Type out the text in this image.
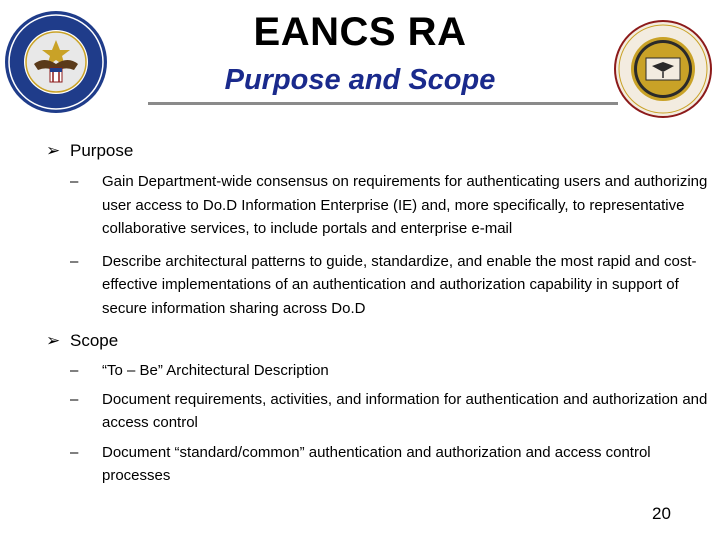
EANCS RA
Purpose and Scope
➢ Purpose
– Gain Department-wide consensus on requirements for authenticating users and authorizing user access to Do.D Information Enterprise (IE) and, more specifically, to representative collaborative services, to include portals and enterprise e-mail
– Describe architectural patterns to guide, standardize, and enable the most rapid and cost-effective implementations of an authentication and authorization capability in support of secure information sharing across Do.D
➢ Scope
– “To – Be” Architectural Description
– Document requirements, activities, and information for authentication and authorization and access control
– Document “standard/common” authentication and authorization and access control processes
20
